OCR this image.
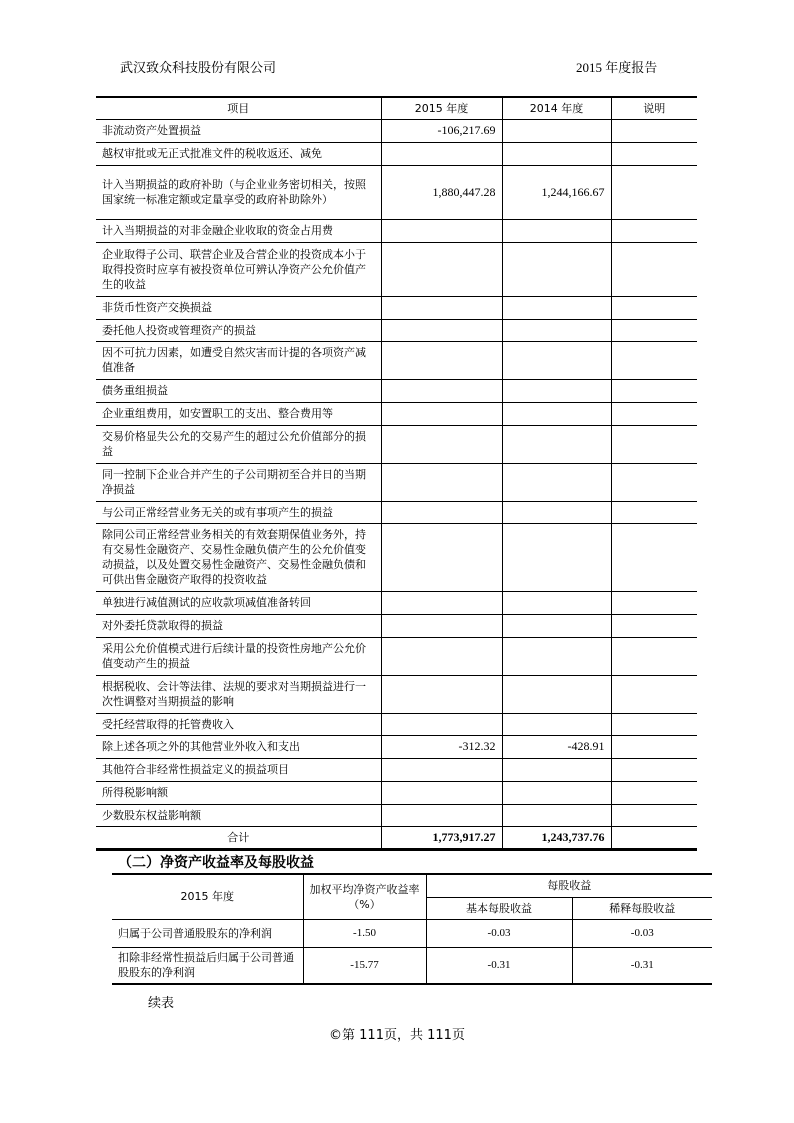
武汉致众科技股份有限公司	2015 年度报告
项目	2015 年度	2014 年度	说明
非流动资产处置损益	-106,217.69		
越权审批或无正式批准文件的税收返还、减免			
计入当期损益的政府补助（与企业业务密切相关，按照国家统一标准定额或定量享受的政府补助除外）	1,880,447.28	1,244,166.67	
计入当期损益的对非金融企业收取的资金占用费			
企业取得子公司、联营企业及合营企业的投资成本小于取得投资时应享有被投资单位可辨认净资产公允价值产生的收益			
非货币性资产交换损益			
委托他人投资或管理资产的损益			
因不可抗力因素，如遭受自然灾害而计提的各项资产减值准备			
债务重组损益			
企业重组费用，如安置职工的支出、整合费用等			
交易价格显失公允的交易产生的超过公允价值部分的损益			
同一控制下企业合并产生的子公司期初至合并日的当期净损益			
与公司正常经营业务无关的或有事项产生的损益			
除同公司正常经营业务相关的有效套期保值业务外，持有交易性金融资产、交易性金融负债产生的公允价值变动损益，以及处置交易性金融资产、交易性金融负债和可供出售金融资产取得的投资收益			
单独进行减值测试的应收款项减值准备转回			
对外委托贷款取得的损益			
采用公允价值模式进行后续计量的投资性房地产公允价值变动产生的损益			
根据税收、会计等法律、法规的要求对当期损益进行一次性调整对当期损益的影响			
受托经营取得的托管费收入			
除上述各项之外的其他营业外收入和支出	-312.32	-428.91	
其他符合非经常性损益定义的损益项目			
所得税影响额			
少数股东权益影响额			
合计	1,773,917.27	1,243,737.76	
（二）净资产收益率及每股收益
2015 年度	加权平均净资产收益率（%）	每股收益	
		基本每股收益	稀释每股收益
归属于公司普通股股东的净利润	-1.50	-0.03	-0.03
扣除非经常性损益后归属于公司普通股股东的净利润	-15.77	-0.31	-0.31
续表
©第 111页，共 111页
